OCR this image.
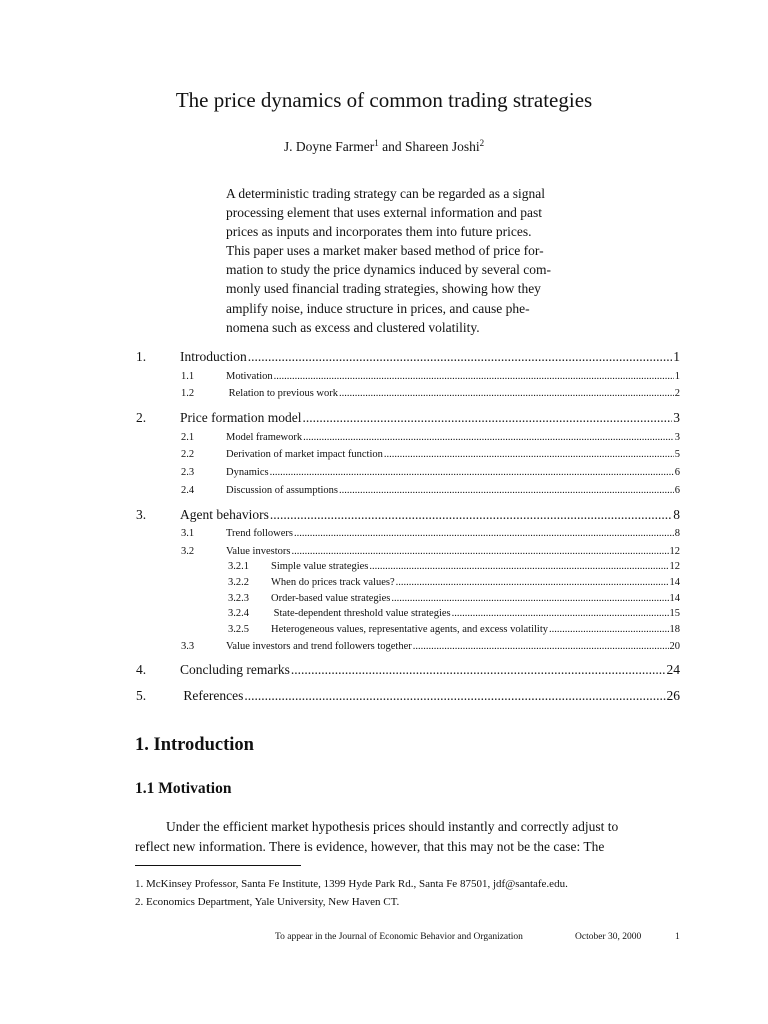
The price dynamics of common trading strategies
J. Doyne Farmer$^1$ and Shareen Joshi$^2$
A deterministic trading strategy can be regarded as a signal
processing element that uses external information and past
prices as inputs and incorporates them into future prices.
This paper uses a market maker based method of price for-
mation to study the price dynamics induced by several com-
monly used financial trading strategies, showing how they
amplify noise, induce structure in prices, and cause phe-
nomena such as excess and clustered volatility.
1.	Introduction .....	1
1.1	Motivation .....	1
1.2	Relation to previous work .....	2
2.	Price formation model .....	3
2.1	Model framework .....	3
2.2	Derivation of market impact function .....	5
2.3	Dynamics .....	6
2.4	Discussion of assumptions .....	6
3.	Agent behaviors .....	8
3.1	Trend followers .....	8
3.2	Value investors .....	12
3.2.1 Simple value strategies .....	12
3.2.2 When do prices track values? .....	14
3.2.3 Order-based value strategies .....	14
3.2.4 State-dependent threshold value strategies .....	15
3.2.5 Heterogeneous values, representative agents, and excess volatility .....	18
3.3	Value investors and trend followers together .....	20
4.	Concluding remarks .....	24
5.	References .....	26
1. Introduction
1.1 Motivation
Under the efficient market hypothesis prices should instantly and correctly adjust to
reflect new information. There is evidence, however, that this may not be the case: The
1. McKinsey Professor, Santa Fe Institute, 1399 Hyde Park Rd., Santa Fe 87501, jdf@santafe.edu.
2. Economics Department, Yale University, New Haven CT.
To appear in the Journal of Economic Behavior and Organization	October 30, 2000	1
